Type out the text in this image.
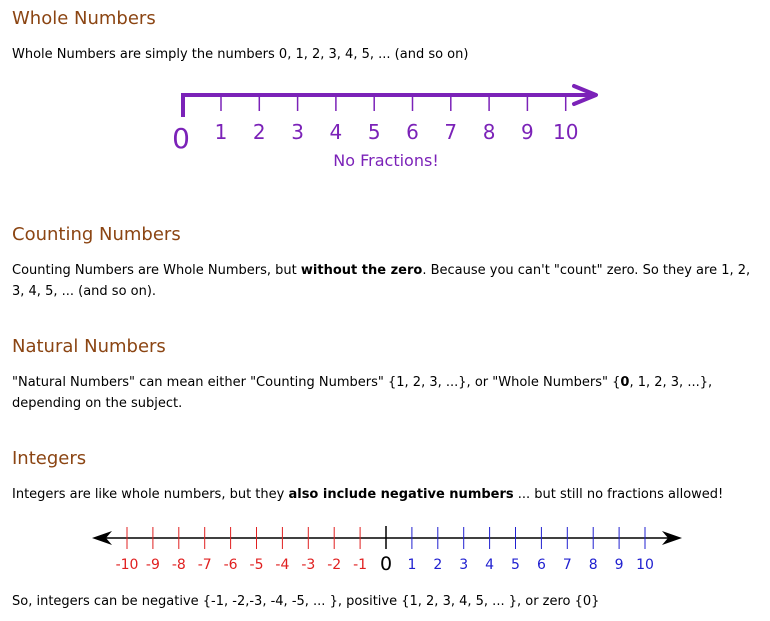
Whole Numbers

Whole Numbers are simply the numbers 0, 1, 2, 3, 4, 5, ... (and so on)

0 1 2 3 4 5 6 7 8 9 10
No Fractions!
Counting Numbers

Counting Numbers are Whole Numbers, but without the zero. Because you can't "count" zero. So they are 1, 2, 3, 4, 5, ... (and so on).

Natural Numbers

"Natural Numbers" can mean either "Counting Numbers" {1, 2, 3, ...}, or "Whole Numbers" {0, 1, 2, 3, ...}, depending on the subject.

Integers

Integers are like whole numbers, but they also include negative numbers ... but still no fractions allowed!

0
-10 -9 -8 -7 -6 -5 -4 -3 -2 -1	1 2 3 4 5 6 7 8 9 10

So, integers can be negative {-1, -2,-3, -4, -5, ... }, positive {1, 2, 3, 4, 5, ... }, or zero {0}
